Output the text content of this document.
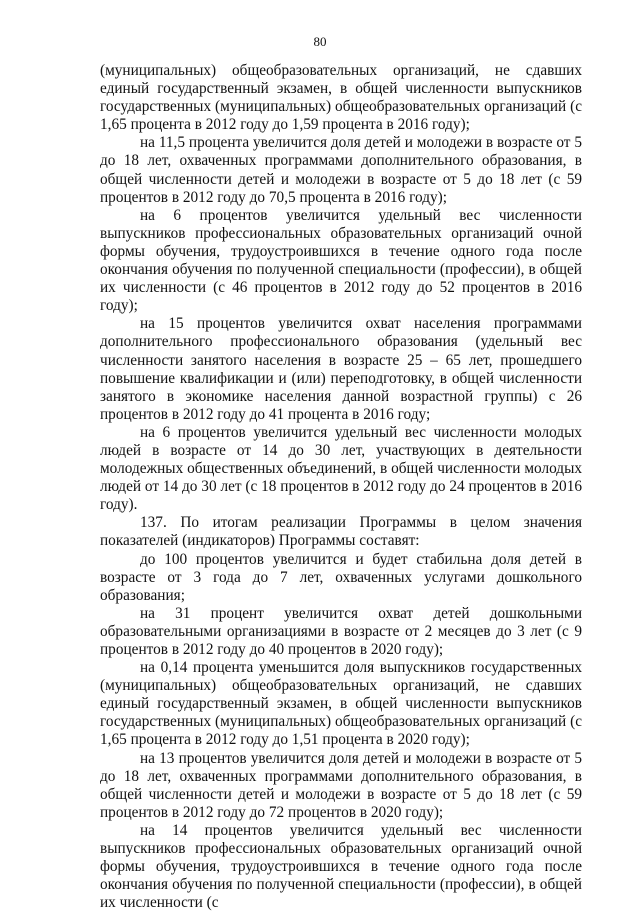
80

(муниципальных) общеобразовательных организаций, не сдавших единый государственный экзамен, в общей численности выпускников государственных (муниципальных) общеобразовательных организаций (с 1,65 процента в 2012 году до 1,59 процента в 2016 году);

на 11,5 процента увеличится доля детей и молодежи в возрасте от 5 до 18 лет, охваченных программами дополнительного образования, в общей численности детей и молодежи в возрасте от 5 до 18 лет (с 59 процентов в 2012 году до 70,5 процента в 2016 году);

на 6 процентов увеличится удельный вес численности выпускников профессиональных образовательных организаций очной формы обучения, трудоустроившихся в течение одного года после окончания обучения по полученной специальности (профессии), в общей их численности (с 46 процентов в 2012 году до 52 процентов в 2016 году);

на 15 процентов увеличится охват населения программами дополнительного профессионального образования (удельный вес численности занятого населения в возрасте 25 – 65 лет, прошедшего повышение квалификации и (или) переподготовку, в общей численности занятого в экономике населения данной возрастной группы) с 26 процентов в 2012 году до 41 процента в 2016 году;

на 6 процентов увеличится удельный вес численности молодых людей в возрасте от 14 до 30 лет, участвующих в деятельности молодежных общественных объединений, в общей численности молодых людей от 14 до 30 лет (с 18 процентов в 2012 году до 24 процентов в 2016 году).

137. По итогам реализации Программы в целом значения показателей (индикаторов) Программы составят:

до 100 процентов увеличится и будет стабильна доля детей в возрасте от 3 года до 7 лет, охваченных услугами дошкольного образования;

на 31 процент увеличится охват детей дошкольными образовательными организациями в возрасте от 2 месяцев до 3 лет (с 9 процентов в 2012 году до 40 процентов в 2020 году);

на 0,14 процента уменьшится доля выпускников государственных (муниципальных) общеобразовательных организаций, не сдавших единый государственный экзамен, в общей численности выпускников государственных (муниципальных) общеобразовательных организаций (с 1,65 процента в 2012 году до 1,51 процента в 2020 году);

на 13 процентов увеличится доля детей и молодежи в возрасте от 5 до 18 лет, охваченных программами дополнительного образования, в общей численности детей и молодежи в возрасте от 5 до 18 лет (с 59 процентов в 2012 году до 72 процентов в 2020 году);

на 14 процентов увеличится удельный вес численности выпускников профессиональных образовательных организаций очной формы обучения, трудоустроившихся в течение одного года после окончания обучения по полученной специальности (профессии), в общей их численности (с
